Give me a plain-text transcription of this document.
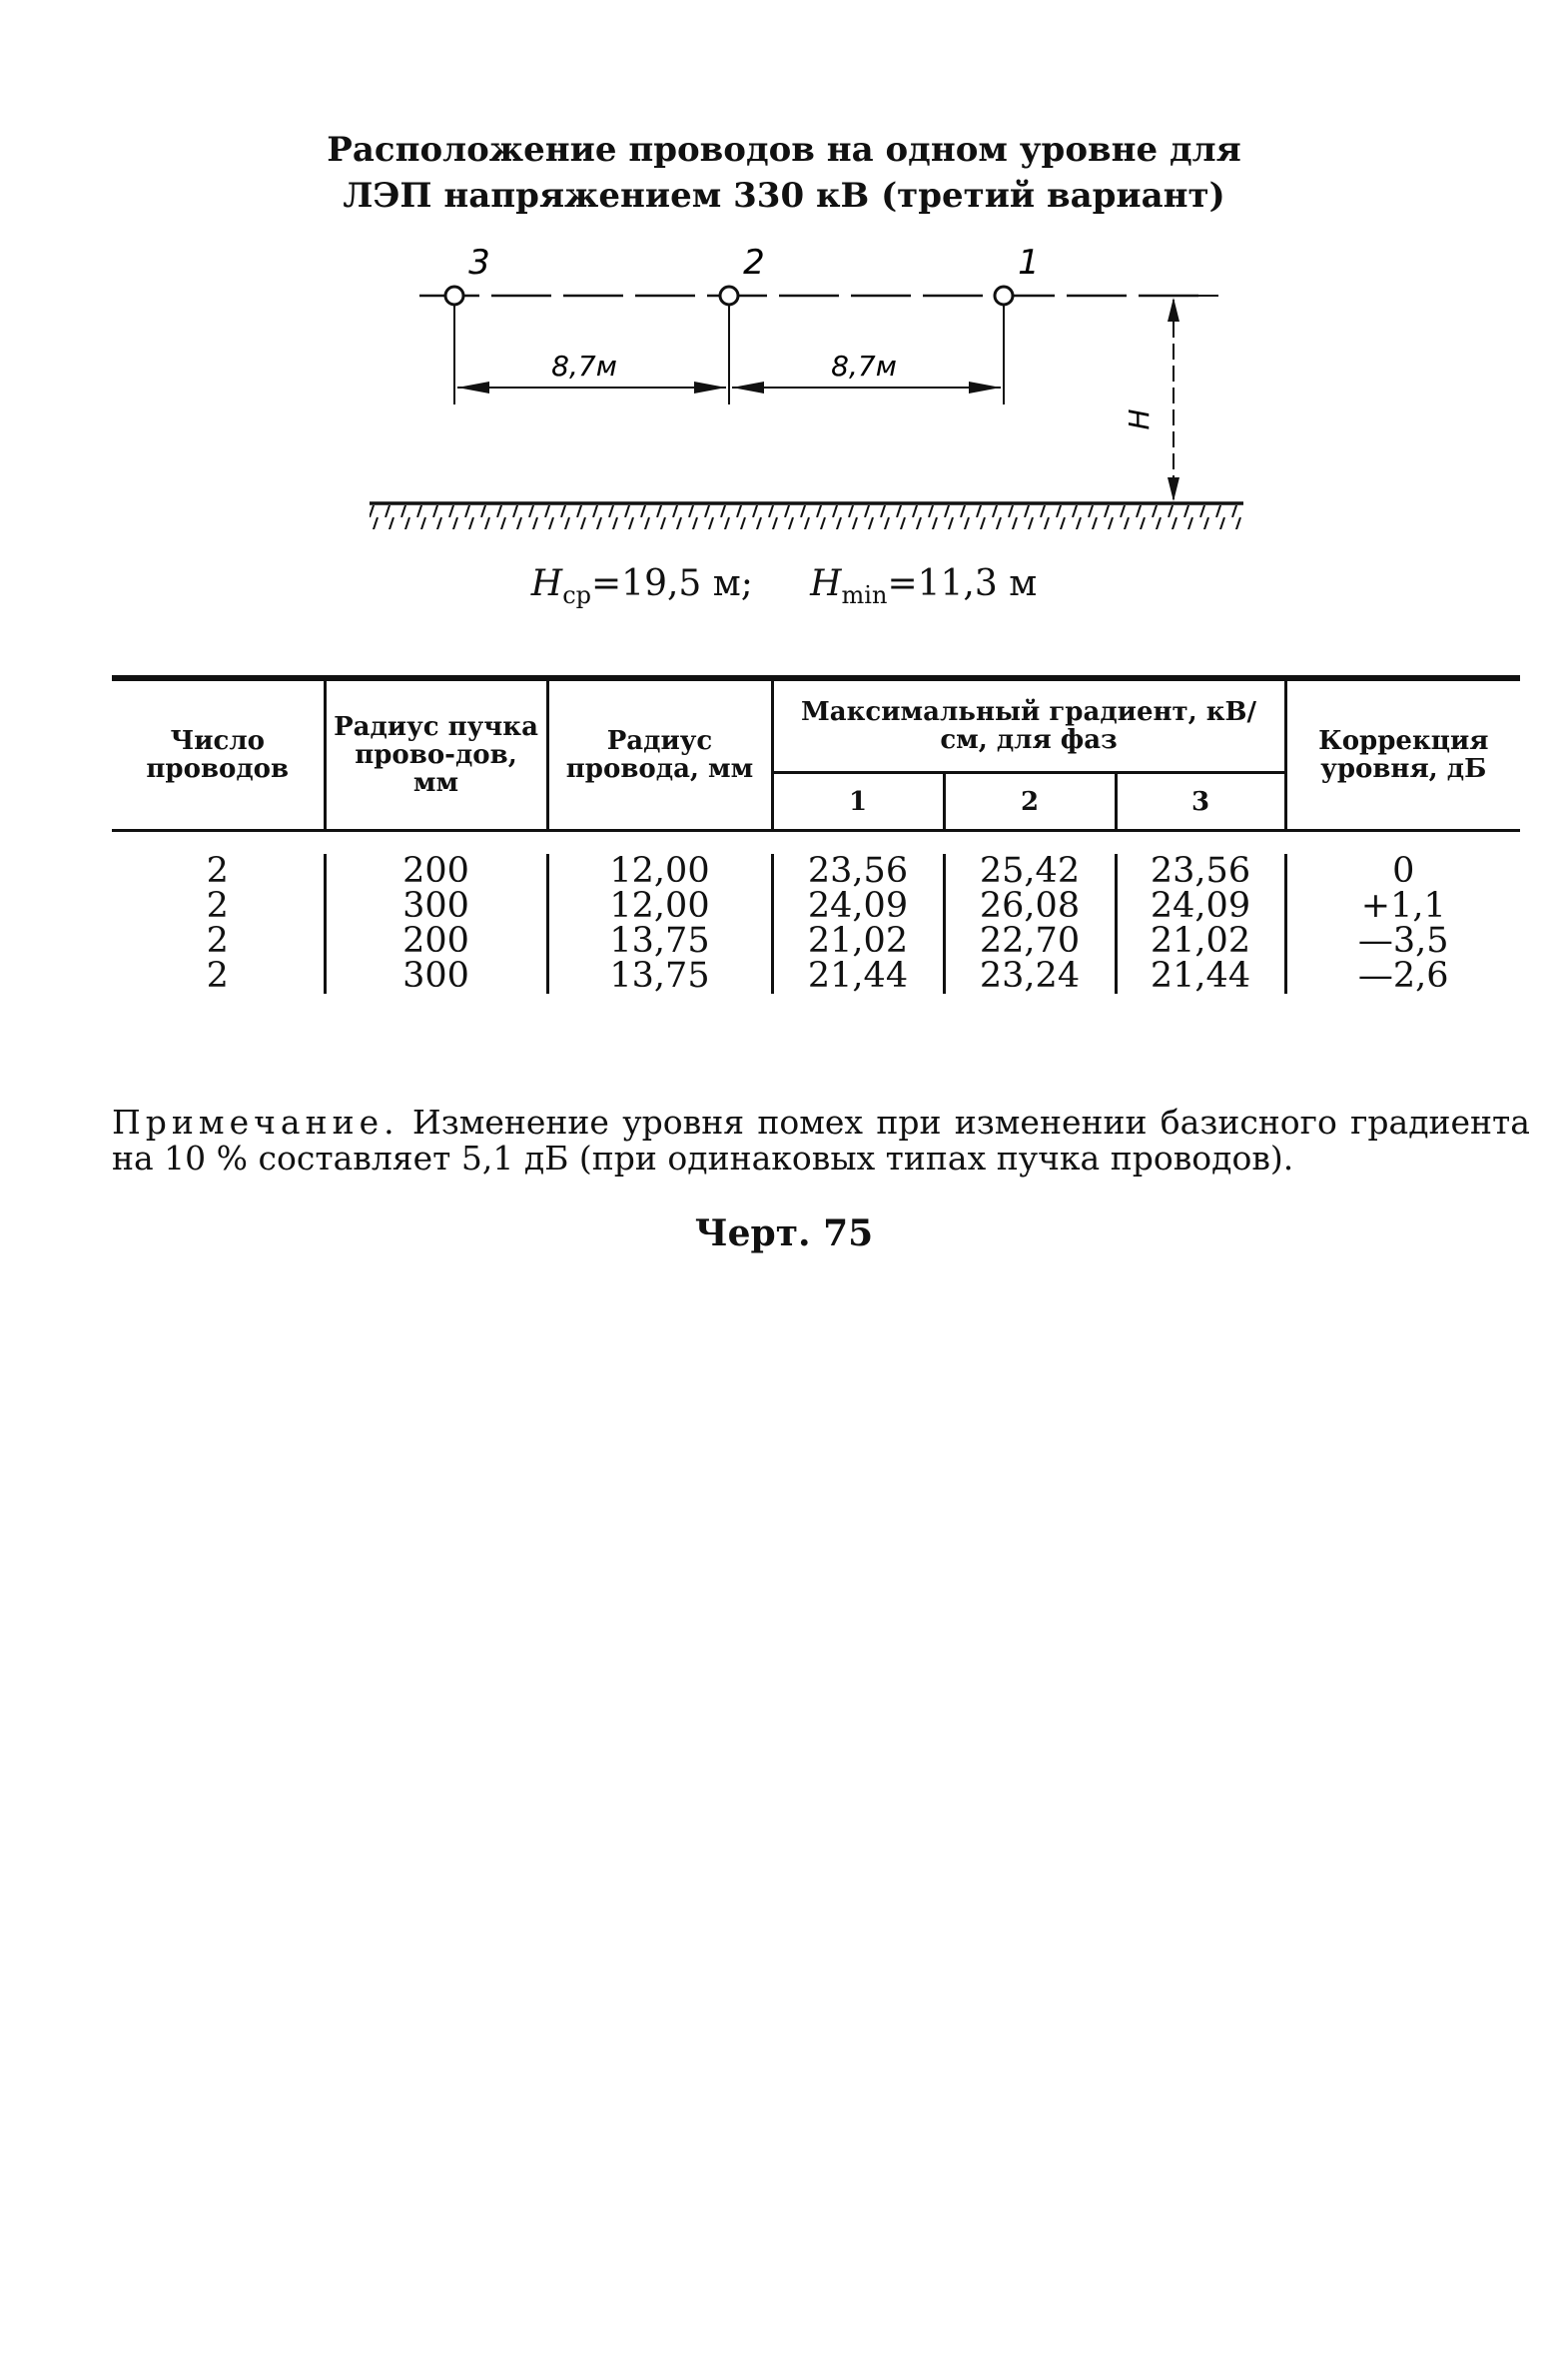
Расположение проводов на одном уровне для
ЛЭП напряжением 330 кВ (третий вариант)
3	2	1
8,7м	8,7м
Н
$Н_{ср}=19,5$ м; $Н_{min}=11,3$ м
Число проводов	Радиус пучка прово-дов, мм	Радиус провода, мм	Максимальный градиент, кВ/см, для фаз			Коррекция уровня, дБ
			1	2	3	

2	200	12,00	23,56	25,42	23,56	0
2	300	12,00	24,09	26,08	24,09	+1,1
2	200	13,75	21,02	22,70	21,02	—3,5
2	300	13,75	21,44	23,24	21,44	—2,6

Примечание. Изменение уровня помех при изменении базисного градиента на 10 % составляет 5,1 дБ (при одинаковых типах пучка проводов).
Черт. 75
